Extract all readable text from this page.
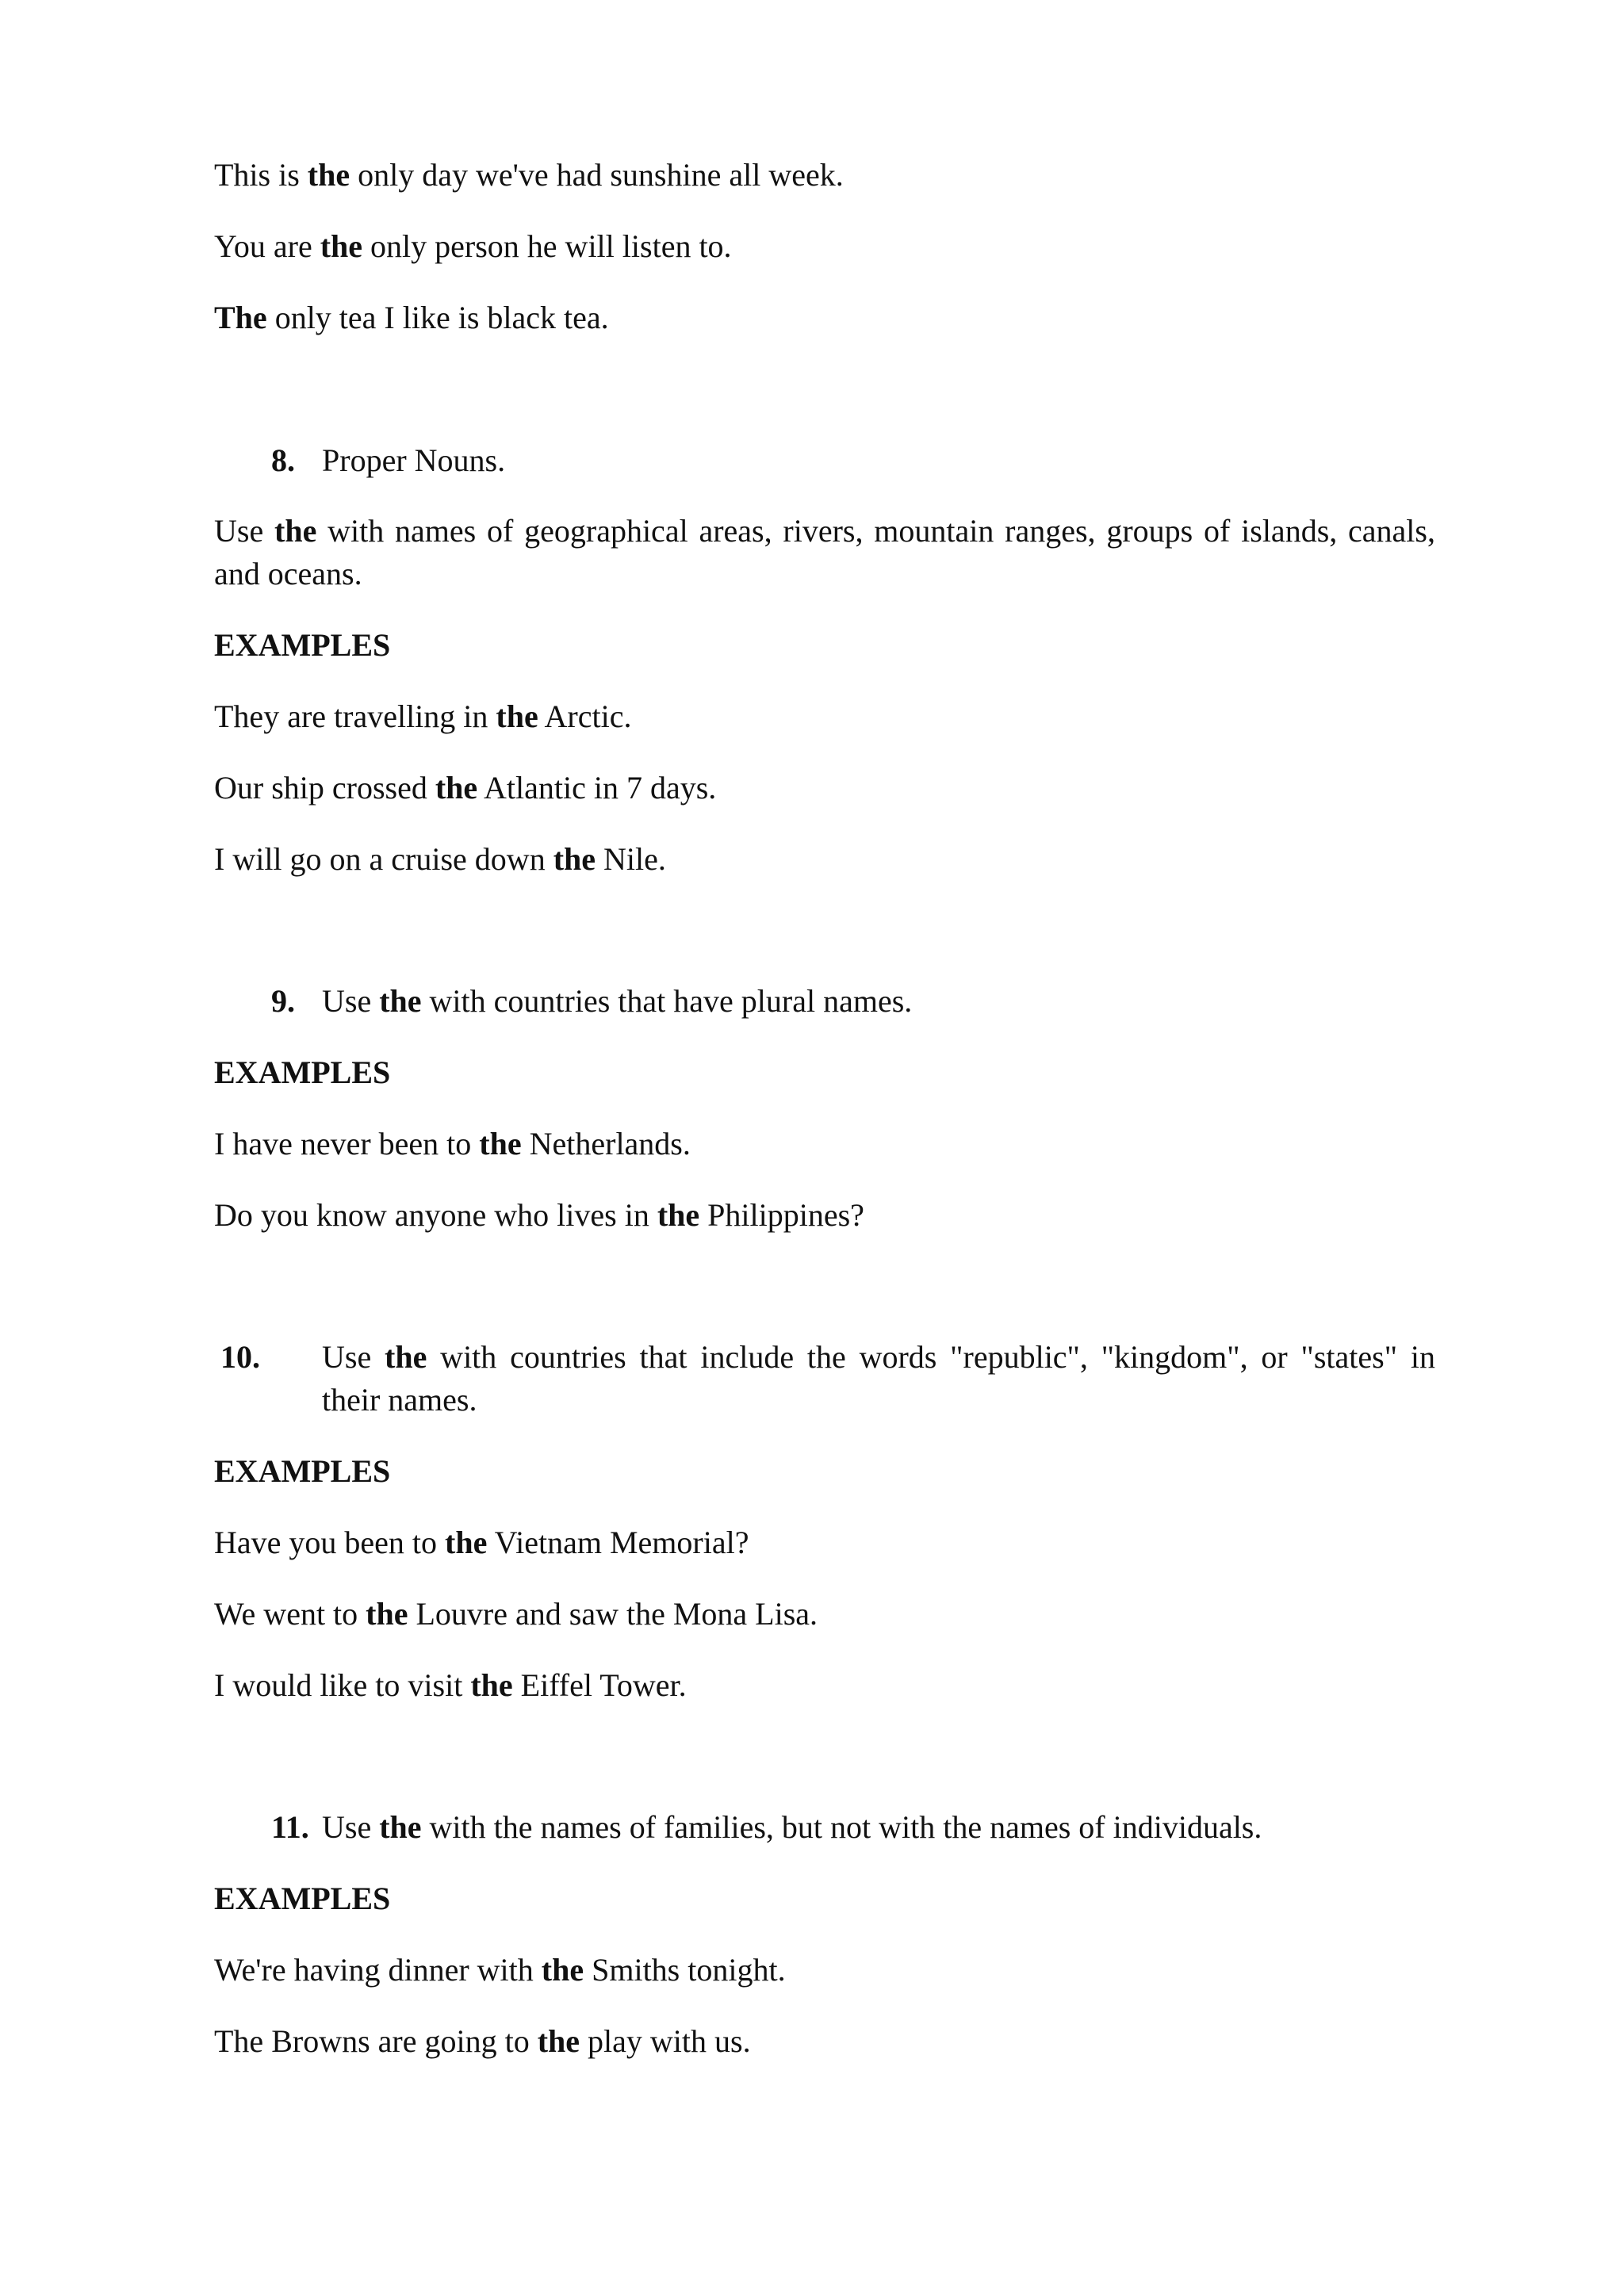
This is the only day we've had sunshine all week.
You are the only person he will listen to.
The only tea I like is black tea.
8. Proper Nouns.
Use the with names of geographical areas, rivers, mountain ranges, groups of islands, canals, and oceans.
EXAMPLES
They are travelling in the Arctic.
Our ship crossed the Atlantic in 7 days.
I will go on a cruise down the Nile.
9. Use the with countries that have plural names.
EXAMPLES
I have never been to the Netherlands.
Do you know anyone who lives in the Philippines?
10. Use the with countries that include the words "republic", "kingdom", or "states" in their names.
EXAMPLES
Have you been to the Vietnam Memorial?
We went to the Louvre and saw the Mona Lisa.
I would like to visit the Eiffel Tower.
11. Use the with the names of families, but not with the names of individuals.
EXAMPLES
We're having dinner with the Smiths tonight.
The Browns are going to the play with us.
